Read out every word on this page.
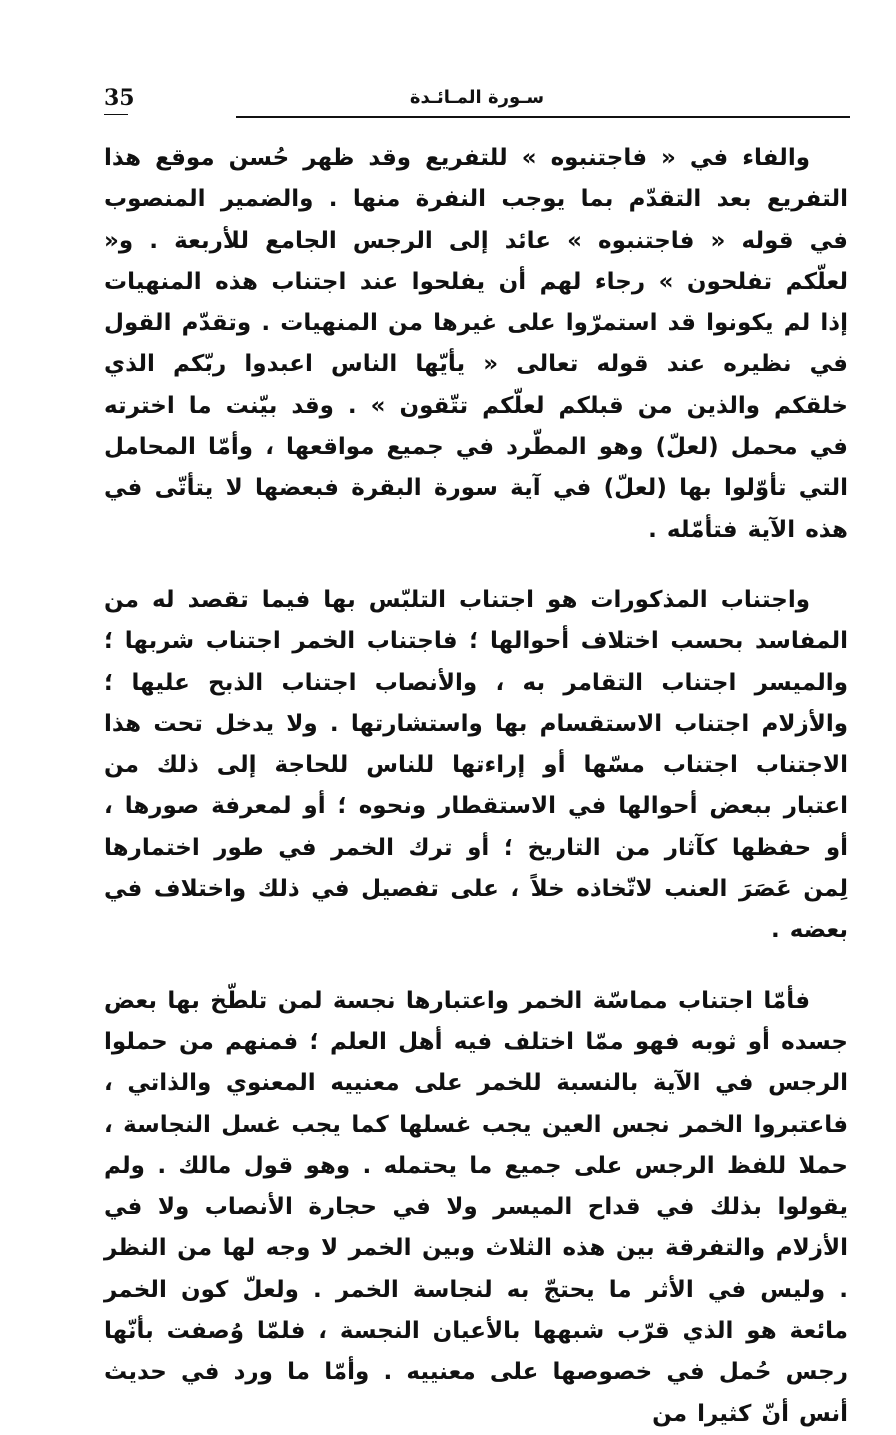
35	سـورة المـائـدة

والفاء في « فاجتنبوه » للتفريع وقد ظهر حُسن موقع هذا التفريع بعد التقدّم بما يوجب النفرة منها . والضمير المنصوب في قوله « فاجتنبوه » عائد إلى الرجس الجامع للأربعة . و« لعلّكم تفلحون » رجاء لهم أن يفلحوا عند اجتناب هذه المنهيات إذا لم يكونوا قد استمرّوا على غيرها من المنهيات . وتقدّم القول في نظيره عند قوله تعالى « يأيّها الناس اعبدوا ربّكم الذي خلقكم والذين من قبلكم لعلّكم تتّقون » . وقد بيّنت ما اخترته في محمل (لعلّ) وهو المطّرد في جميع مواقعها ، وأمّا المحامل التي تأوّلوا بها (لعلّ) في آية سورة البقرة فبعضها لا يتأتّى في هذه الآية فتأمّله .

واجتناب المذكورات هو اجتناب التلبّس بها فيما تقصد له من المفاسد بحسب اختلاف أحوالها ؛ فاجتناب الخمر اجتناب شربها ؛ والميسر اجتناب التقامر به ، والأنصاب اجتناب الذبح عليها ؛ والأزلام اجتناب الاستقسام بها واستشارتها . ولا يدخل تحت هذا الاجتناب اجتناب مسّها أو إراءتها للناس للحاجة إلى ذلك من اعتبار ببعض أحوالها في الاستقطار ونحوه ؛ أو لمعرفة صورها ، أو حفظها كآثار من التاريخ ؛ أو ترك الخمر في طور اختمارها لِمن عَصَرَ العنب لاتّخاذه خلاً ، على تفصيل في ذلك واختلاف في بعضه .

فأمّا اجتناب مماسّة الخمر واعتبارها نجسة لمن تلطّخ بها بعض جسده أو ثوبه فهو ممّا اختلف فيه أهل العلم ؛ فمنهم من حملوا الرجس في الآية بالنسبة للخمر على معنييه المعنوي والذاتي ، فاعتبروا الخمر نجس العين يجب غسلها كما يجب غسل النجاسة ، حملا للفظ الرجس على جميع ما يحتمله . وهو قول مالك . ولم يقولوا بذلك في قداح الميسر ولا في حجارة الأنصاب ولا في الأزلام والتفرقة بين هذه الثلاث وبين الخمر لا وجه لها من النظر . وليس في الأثر ما يحتجّ به لنجاسة الخمر . ولعلّ كون الخمر مائعة هو الذي قرّب شبهها بالأعيان النجسة ، فلمّا وُصفت بأنّها رجس حُمل في خصوصها على معنييه . وأمّا ما ورد في حديث أنس أنّ كثيرا من
